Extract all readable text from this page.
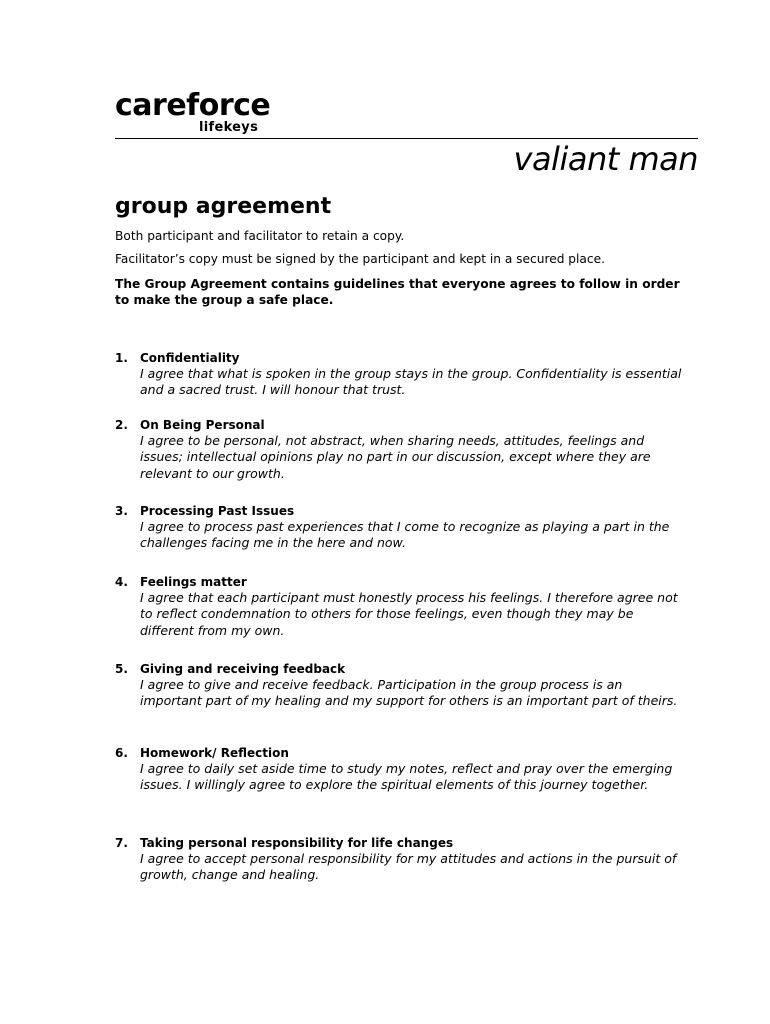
careforce
lifekeys
valiant man
group agreement

Both participant and facilitator to retain a copy.

Facilitator’s copy must be signed by the participant and kept in a secured place.

The Group Agreement contains guidelines that everyone agrees to follow in order to make the group a safe place.

1. Confidentiality

I agree that what is spoken in the group stays in the group. Confidentiality is essential and a sacred trust. I will honour that trust.

2. On Being Personal

I agree to be personal, not abstract, when sharing needs, attitudes, feelings and issues; intellectual opinions play no part in our discussion, except where they are relevant to our growth.

3. Processing Past Issues

I agree to process past experiences that I come to recognize as playing a part in the challenges facing me in the here and now.

4. Feelings matter

I agree that each participant must honestly process his feelings. I therefore agree not to reflect condemnation to others for those feelings, even though they may be different from my own.

5. Giving and receiving feedback

I agree to give and receive feedback. Participation in the group process is an important part of my healing and my support for others is an important part of theirs.

6. Homework/ Reflection

I agree to daily set aside time to study my notes, reflect and pray over the emerging issues. I willingly agree to explore the spiritual elements of this journey together.

7. Taking personal responsibility for life changes

I agree to accept personal responsibility for my attitudes and actions in the pursuit of growth, change and healing.
